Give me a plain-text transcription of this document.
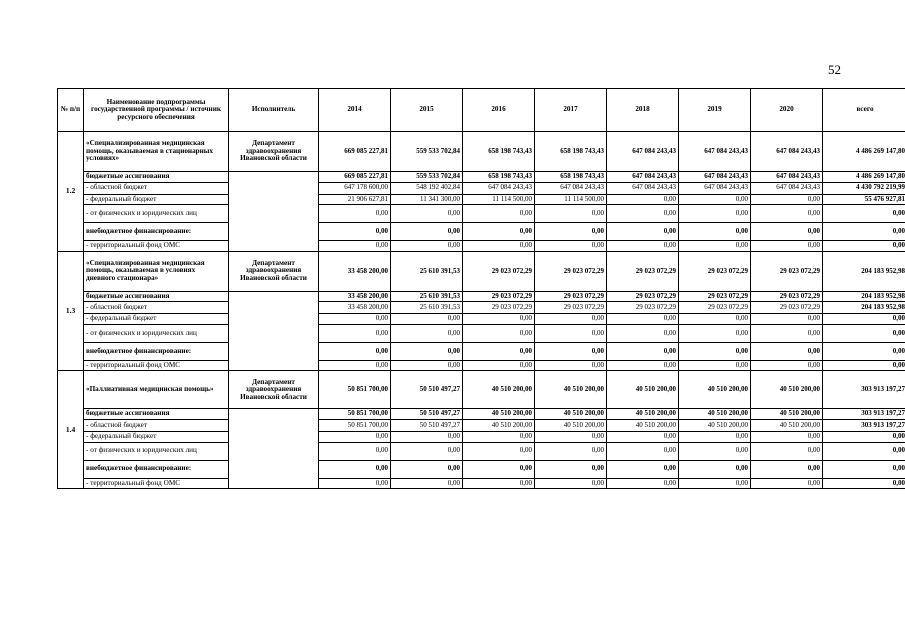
52
№ п/п	Наименование подпрограммы государственной программы / источник ресурсного обеспечения	Исполнитель	2014	2015	2016	2017	2018	2019	2020	всего
1.2	«Специализированная медицинская помощь, оказываемая в стационарных условиях»	Департамент здравоохранения Ивановской области	669 085 227,81	559 533 702,84	658 198 743,43	658 198 743,43	647 084 243,43	647 084 243,43	647 084 243,43	4 486 269 147,80
	бюджетные ассигнования		669 085 227,81	559 533 702,84	658 198 743,43	658 198 743,43	647 084 243,43	647 084 243,43	647 084 243,43	4 486 269 147,80
	- областной бюджет		647 178 600,00	548 192 402,84	647 084 243,43	647 084 243,43	647 084 243,43	647 084 243,43	647 084 243,43	4 430 792 219,99
	- федеральный бюджет		21 906 627,81	11 341 300,00	11 114 500,00	11 114 500,00	0,00	0,00	0,00	55 476 927,81
	- от физических и юридических лиц		0,00	0,00	0,00	0,00	0,00	0,00	0,00	0,00
	внебюджетное финансирование:		0,00	0,00	0,00	0,00	0,00	0,00	0,00	0,00
	- территориальный фонд ОМС		0,00	0,00	0,00	0,00	0,00	0,00	0,00	0,00
1.3	«Специализированная медицинская помощь, оказываемая в условиях дневного стационара»	Департамент здравоохранения Ивановской области	33 458 200,00	25 610 391,53	29 023 072,29	29 023 072,29	29 023 072,29	29 023 072,29	29 023 072,29	204 183 952,98
	бюджетные ассигнования		33 458 200,00	25 610 391,53	29 023 072,29	29 023 072,29	29 023 072,29	29 023 072,29	29 023 072,29	204 183 952,98
	- областной бюджет		33 458 200,00	25 610 391,53	29 023 072,29	29 023 072,29	29 023 072,29	29 023 072,29	29 023 072,29	204 183 952,98
	- федеральный бюджет		0,00	0,00	0,00	0,00	0,00	0,00	0,00	0,00
	- от физических и юридических лиц		0,00	0,00	0,00	0,00	0,00	0,00	0,00	0,00
	внебюджетное финансирование:		0,00	0,00	0,00	0,00	0,00	0,00	0,00	0,00
	- территориальный фонд ОМС		0,00	0,00	0,00	0,00	0,00	0,00	0,00	0,00
1.4	«Паллиативная медицинская помощь»	Департамент здравоохранения Ивановской области	50 851 700,00	50 510 497,27	40 510 200,00	40 510 200,00	40 510 200,00	40 510 200,00	40 510 200,00	303 913 197,27
	бюджетные ассигнования		50 851 700,00	50 510 497,27	40 510 200,00	40 510 200,00	40 510 200,00	40 510 200,00	40 510 200,00	303 913 197,27
	- областной бюджет		50 851 700,00	50 510 497,27	40 510 200,00	40 510 200,00	40 510 200,00	40 510 200,00	40 510 200,00	303 913 197,27
	- федеральный бюджет		0,00	0,00	0,00	0,00	0,00	0,00	0,00	0,00
	- от физических и юридических лиц		0,00	0,00	0,00	0,00	0,00	0,00	0,00	0,00
	внебюджетное финансирование:		0,00	0,00	0,00	0,00	0,00	0,00	0,00	0,00
	- территориальный фонд ОМС		0,00	0,00	0,00	0,00	0,00	0,00	0,00	0,00
